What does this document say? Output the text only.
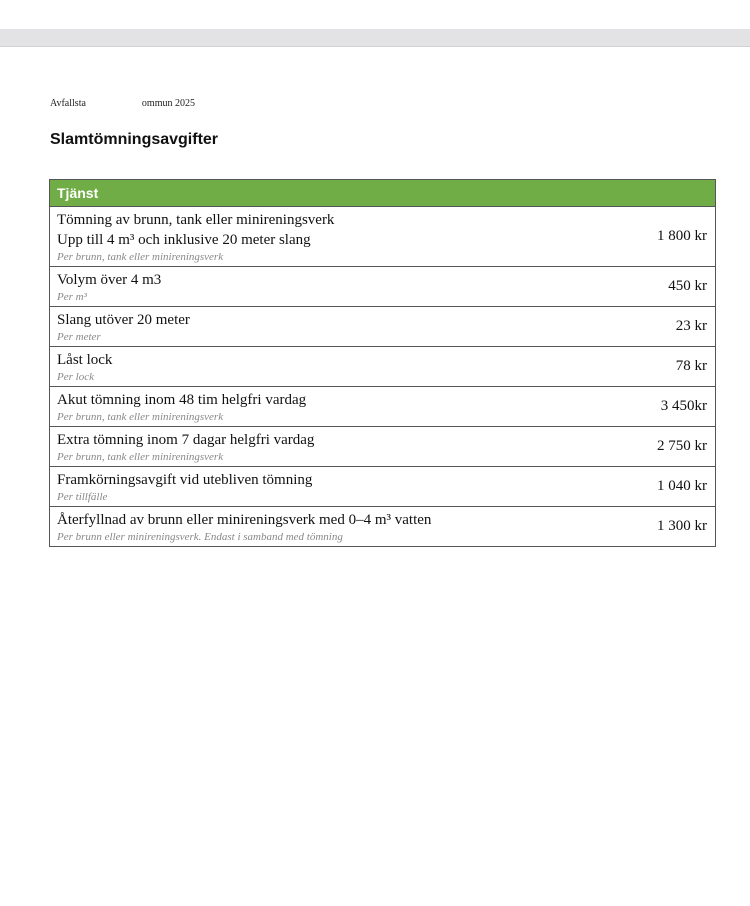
Avfallsta	ommun 2025
Slamtömningsavgifter
Tjänst	

Tömning av brunn, tank eller minireningsverk
Upp till 4 m³ och inklusive 20 meter slang
Per brunn, tank eller minireningsverk	1 800 kr

Volym över 4 m3
Per m³	450 kr

Slang utöver 20 meter
Per meter	23 kr

Låst lock
Per lock	78 kr

Akut tömning inom 48 tim helgfri vardag
Per brunn, tank eller minireningsverk	3 450kr

Extra tömning inom 7 dagar helgfri vardag
Per brunn, tank eller minireningsverk	2 750 kr

Framkörningsavgift vid utebliven tömning
Per tillfälle	1 040 kr

Återfyllnad av brunn eller minireningsverk med 0–4 m³ vatten
Per brunn eller minireningsverk. Endast i samband med tömning	1 300 kr
